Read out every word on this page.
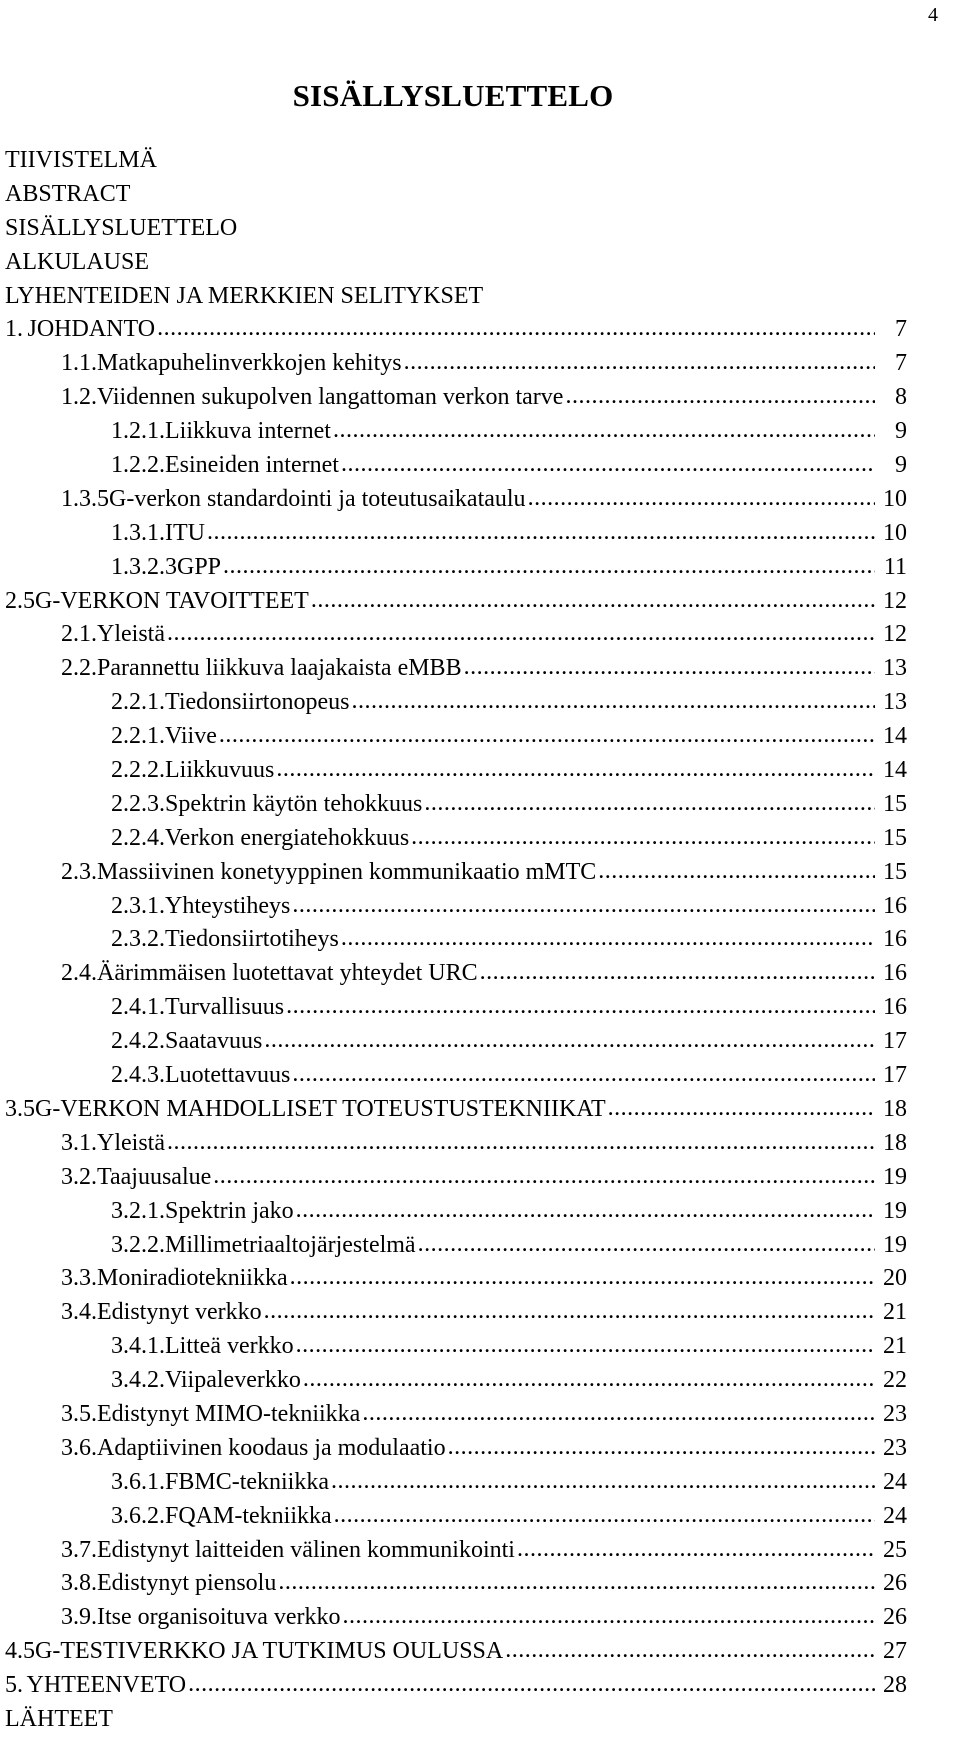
4
SISÄLLYSLUETTELO
TIIVISTELMÄ
ABSTRACT
SISÄLLYSLUETTELO
ALKULAUSE
LYHENTEIDEN JA MERKKIEN SELITYKSET
1. JOHDANTO .....	7
1.1. Matkapuhelinverkkojen kehitys .....	7
1.2. Viidennen sukupolven langattoman verkon tarve .....	8
1.2.1. Liikkuva internet .....	9
1.2.2. Esineiden internet .....	9
1.3. 5G-verkon standardointi ja toteutusaikataulu .....	10
1.3.1. ITU .....	10
1.3.2. 3GPP .....	11
2. 5G-VERKON TAVOITTEET .....	12
2.1. Yleistä .....	12
2.2. Parannettu liikkuva laajakaista eMBB .....	13
2.2.1. Tiedonsiirtonopeus .....	13
2.2.1. Viive .....	14
2.2.2. Liikkuvuus .....	14
2.2.3. Spektrin käytön tehokkuus .....	15
2.2.4. Verkon energiatehokkuus .....	15
2.3. Massiivinen konetyyppinen kommunikaatio mMTC .....	15
2.3.1. Yhteystiheys .....	16
2.3.2. Tiedonsiirtotiheys .....	16
2.4. Äärimmäisen luotettavat yhteydet URC .....	16
2.4.1. Turvallisuus .....	16
2.4.2. Saatavuus .....	17
2.4.3. Luotettavuus .....	17
3. 5G-VERKON MAHDOLLISET TOTEUSTUSTEKNIIKAT .....	18
3.1. Yleistä .....	18
3.2. Taajuusalue .....	19
3.2.1. Spektrin jako .....	19
3.2.2. Millimetriaaltojärjestelmä .....	19
3.3. Moniradiotekniikka .....	20
3.4. Edistynyt verkko .....	21
3.4.1. Litteä verkko .....	21
3.4.2. Viipaleverkko .....	22
3.5. Edistynyt MIMO-tekniikka .....	23
3.6. Adaptiivinen koodaus ja modulaatio .....	23
3.6.1. FBMC-tekniikka .....	24
3.6.2. FQAM-tekniikka .....	24
3.7. Edistynyt laitteiden välinen kommunikointi .....	25
3.8. Edistynyt piensolu .....	26
3.9. Itse organisoituva verkko .....	26
4. 5G-TESTIVERKKO JA TUTKIMUS OULUSSA .....	27
5. YHTEENVETO .....	28
LÄHTEET
